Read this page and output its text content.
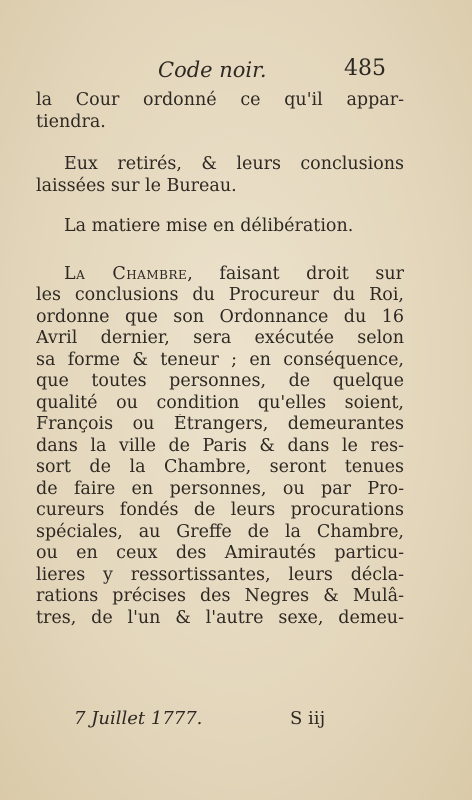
Code noir.	485
la Cour ordonné ce qu'il appar-
tiendra.
Eux retirés, & leurs conclusions
laissées sur le Bureau.
La matiere mise en délibération.
La Chambre, faisant droit sur
les conclusions du Procureur du Roi,
ordonne que son Ordonnance du 16
Avril dernier, sera exécutée selon
sa forme & teneur ; en conséquence,
que toutes personnes, de quelque
qualité ou condition qu'elles soient,
François ou Étrangers, demeurantes
dans la ville de Paris & dans le res-
sort de la Chambre, seront tenues
de faire en personnes, ou par Pro-
cureurs fondés de leurs procurations
spéciales, au Greffe de la Chambre,
ou en ceux des Amirautés particu-
lieres y ressortissantes, leurs décla-
rations précises des Negres & Mulâ-
tres, de l'un & l'autre sexe, demeu-
7 Juillet 1777.	S iij
